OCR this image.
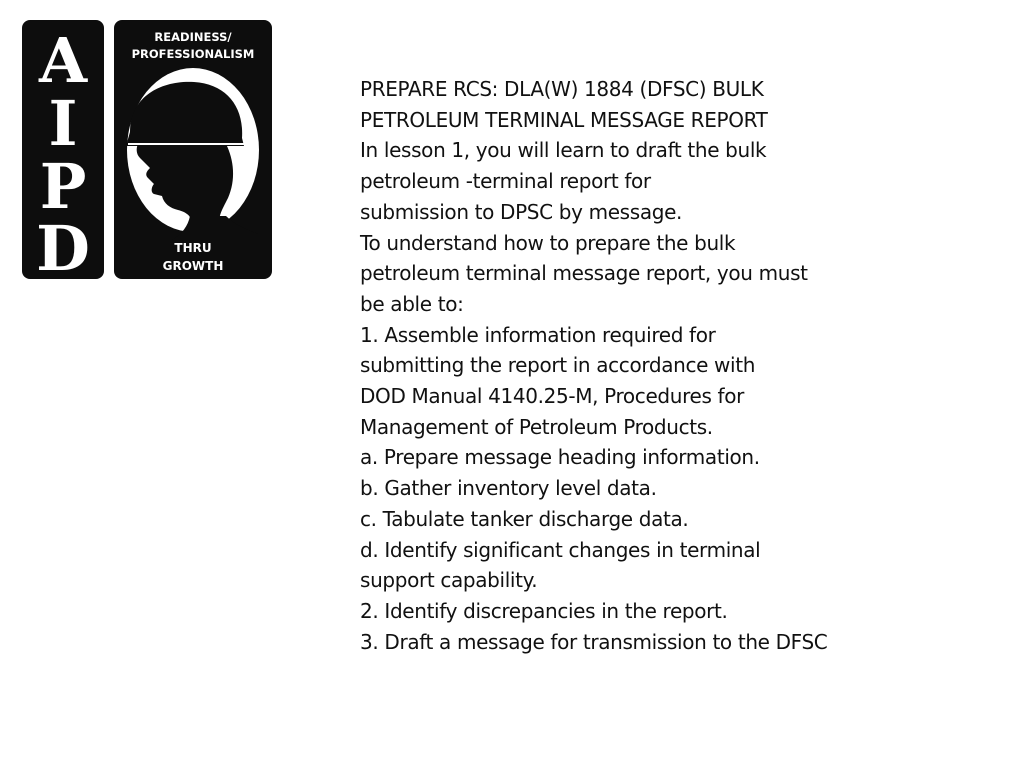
A
I
P
D
READINESS/
PROFESSIONALISM
THRU
GROWTH
PREPARE RCS: DLA(W) 1884 (DFSC) BULK
PETROLEUM TERMINAL MESSAGE REPORT
In lesson 1, you will learn to draft the bulk
petroleum -terminal report for
submission to DPSC by message.
To understand how to prepare the bulk
petroleum terminal message report, you must
be able to:
1. Assemble information required for
submitting the report in accordance with
DOD Manual 4140.25-M, Procedures for
Management of Petroleum Products.
a. Prepare message heading information.
b. Gather inventory level data.
c. Tabulate tanker discharge data.
d. Identify significant changes in terminal
support capability.
2. Identify discrepancies in the report.
3. Draft a message for transmission to the DFSC
